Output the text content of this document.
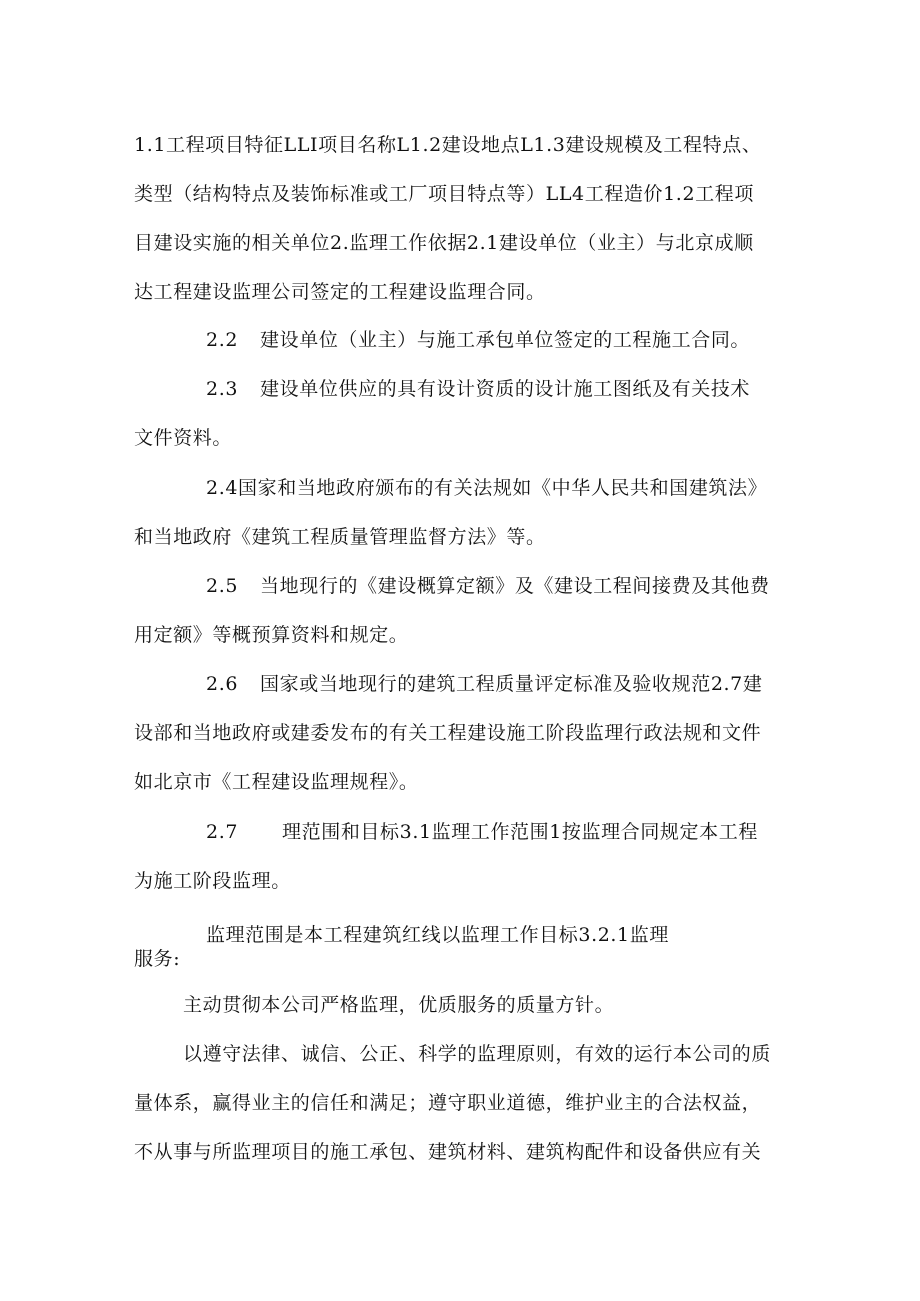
1.1工程项目特征LLI项目名称L1.2建设地点L1.3建设规模及工程特点、
类型（结构特点及装饰标准或工厂项目特点等）LL4工程造价1.2工程项
目建设实施的相关单位2.监理工作依据2.1建设单位（业主）与北京成顺
达工程建设监理公司签定的工程建设监理合同。
2.2 建设单位（业主）与施工承包单位签定的工程施工合同。
2.3 建设单位供应的具有设计资质的设计施工图纸及有关技术
文件资料。
2.4国家和当地政府颁布的有关法规如《中华人民共和国建筑法》
和当地政府《建筑工程质量管理监督方法》等。
2.5 当地现行的《建设概算定额》及《建设工程间接费及其他费
用定额》等概预算资料和规定。
2.6 国家或当地现行的建筑工程质量评定标准及验收规范2.7建
设部和当地政府或建委发布的有关工程建设施工阶段监理行政法规和文件
如北京市《工程建设监理规程》。
2.7 理范围和目标3.1监理工作范围1按监理合同规定本工程
为施工阶段监理。
监理范围是本工程建筑红线以监理工作目标3.2.1监理
服务:
主动贯彻本公司严格监理，优质服务的质量方针。
以遵守法律、诚信、公正、科学的监理原则，有效的运行本公司的质
量体系，赢得业主的信任和满足；遵守职业道德，维护业主的合法权益，
不从事与所监理项目的施工承包、建筑材料、建筑构配件和设备供应有关
